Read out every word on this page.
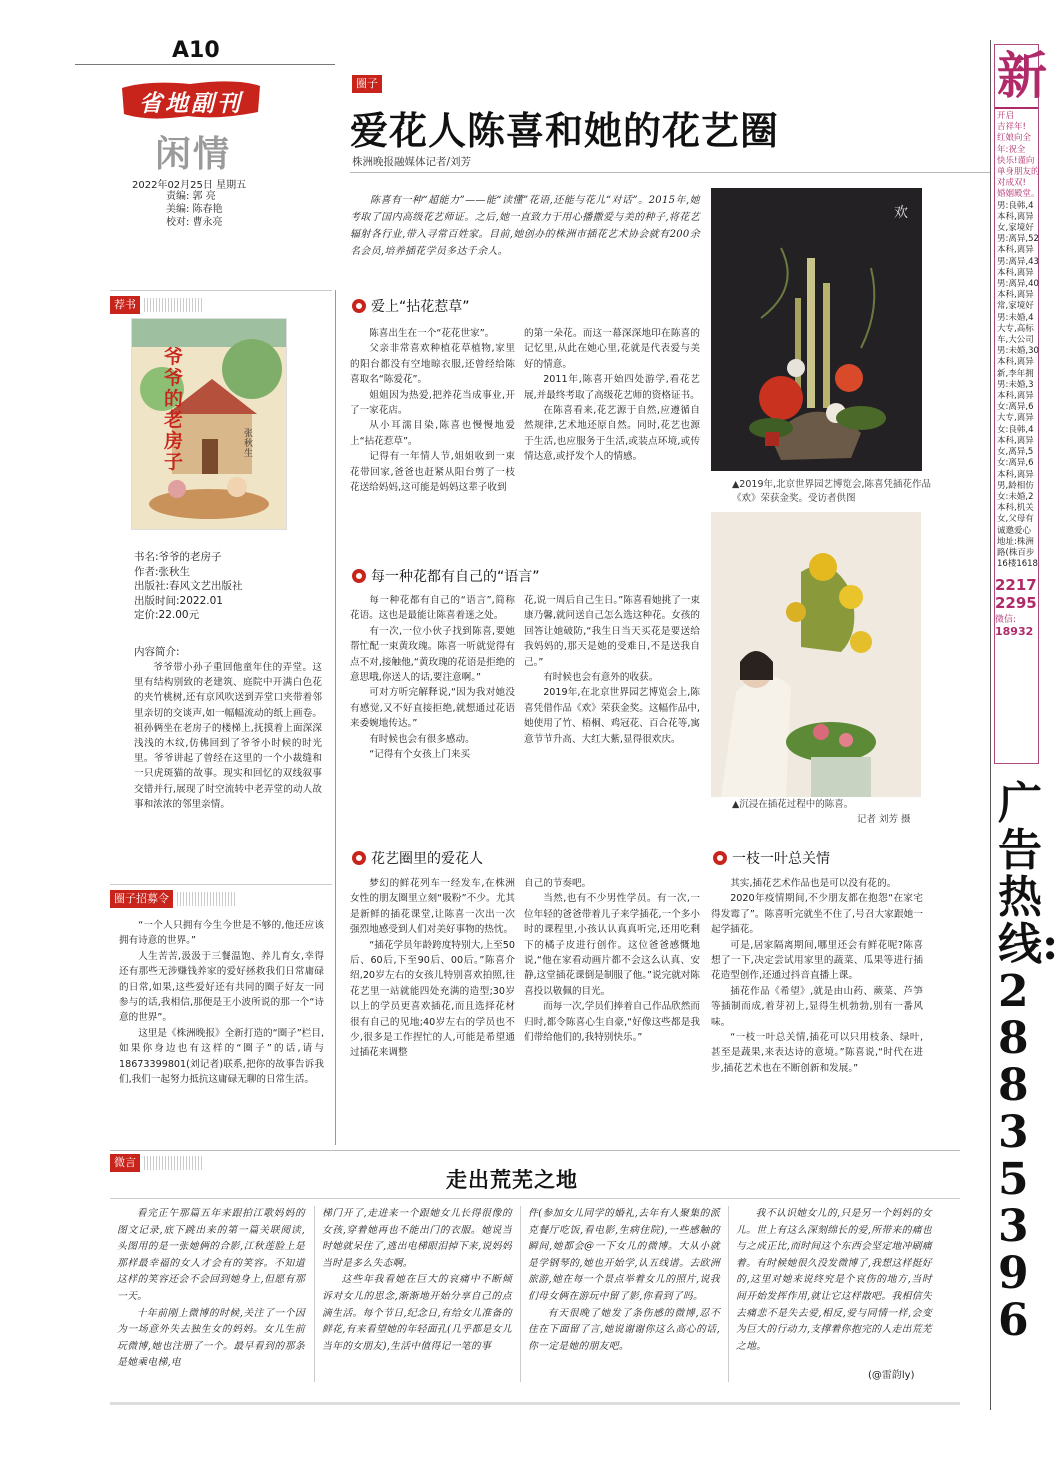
A10
省地副刊
闲情
2022年02月25日 星期五
责编: 郭 亮
美编: 陈春艳
校对: 曹永亮
圈子
爱花人陈喜和她的花艺圈
株洲晚报融媒体记者/刘芳
陈喜有一种“超能力”——能“读懂”花语,还能与花儿“对话”。2015年,她考取了国内高级花艺师证。之后,她一直致力于用心播撒爱与美的种子,将花艺辐射各行业,带入寻常百姓家。目前,她创办的株洲市插花艺术协会就有200余名会员,培养插花学员多达千余人。
欢
▲2019年,北京世界园艺博览会,陈喜凭插花作品《欢》荣获金奖。受访者供图
▲沉浸在插花过程中的陈喜。
记者 刘芳 摄
爱上“拈花惹草”

陈喜出生在一个“花花世家”。

父亲非常喜欢种植花草植物,家里的阳台都没有空地晾衣服,还曾经给陈喜取名“陈爱花”。

姐姐因为热爱,把养花当成事业,开了一家花店。

从小耳濡目染,陈喜也慢慢地爱上“拈花惹草”。

记得有一年情人节,姐姐收到一束花带回家,爸爸也赶紧从阳台剪了一枝花送给妈妈,这可能是妈妈这辈子收到

的第一朵花。而这一幕深深地印在陈喜的记忆里,从此在她心里,花就是代表爱与美好的情意。

2011年,陈喜开始四处游学,看花艺展,并最终考取了高级花艺师的资格证书。

在陈喜看来,花艺源于自然,应遵循自然规律,艺术地还原自然。同时,花艺也源于生活,也应服务于生活,或装点环境,或传情达意,或抒发个人的情感。

每一种花都有自己的“语言”

每一种花都有自己的“语言”,简称花语。这也是最能让陈喜着迷之处。

有一次,一位小伙子找到陈喜,要她帮忙配一束黄玫瑰。陈喜一听就觉得有点不对,接触他,“黄玫瑰的花语是拒绝的意思哦,你送人的话,要注意啊。”

可对方听完解释说,“因为我对她没有感觉,又不好直接拒绝,就想通过花语来委婉地传达。”

有时候也会有很多感动。

“记得有个女孩上门来买

花,说一周后自己生日。”陈喜看她挑了一束康乃馨,就问送自己怎么选这种花。女孩的回答让她破防,“我生日当天买花是要送给我妈妈的,那天是她的受难日,不是送我自己。”

有时候也会有意外的收获。

2019年,在北京世界园艺博览会上,陈喜凭借作品《欢》荣获金奖。这幅作品中,她使用了竹、梧桐、鸡冠花、百合花等,寓意节节升高、大红大紫,显得很欢庆。

花艺圈里的爱花人

梦幻的鲜花列车一经发车,在株洲女性的朋友圈里立刻“吸粉”不少。尤其是新鲜的插花课堂,让陈喜一次出一次强烈地感受到人们对美好事物的热忱。

“插花学员年龄跨度特别大,上至50后、60后,下至90后、00后。”陈喜介绍,20岁左右的女孩儿特别喜欢拍照,往花艺里一站就能四处充满的造型;30岁以上的学员更喜欢插花,而且选择花材很有自己的见地;40岁左右的学员也不少,很多是工作捏忙的人,可能是希望通过插花来调整

自己的节奏吧。

当然,也有不少男性学员。有一次,一位年轻的爸爸带着儿子来学插花,一个多小时的课程里,小孩认认真真听完,还用吃剩下的橘子皮进行创作。这位爸爸感慨地说,“他在家看动画片都不会这么认真、安静,这堂插花课倒是制服了他。”说完就对陈喜投以敬佩的目光。

而每一次,学员们捧着自己作品欣然而归时,都令陈喜心生自豪,“好像这些都是我们带给他们的,我特别快乐。”

一枝一叶总关情

其实,插花艺术作品也是可以没有花的。

2020年疫情期间,不少朋友都在抱怨“在家宅得发霉了”。陈喜听完就坐不住了,号召大家跟她一起学插花。

可是,居家隔离期间,哪里还会有鲜花呢?陈喜想了一下,决定尝试用家里的蔬菜、瓜果等进行插花造型创作,还通过抖音直播上课。

插花作品《希望》,就是由山药、蕨菜、芦笋等插制而成,着芽初上,显得生机勃勃,别有一番风味。

“一枝一叶总关情,插花可以只用枝条、绿叶,甚至是蔬果,来表达诗的意境。”陈喜说,“时代在进步,插花艺术也在不断创新和发展。”

荐书
爷爷的老房子
张秋生
书名:爷爷的老房子
作者:张秋生
出版社:春风文艺出版社
出版时间:2022.01
定价:22.00元
内容简介:
爷爷带小孙子重回他童年住的弄堂。这里有结构别致的老建筑、庭院中开满白色花的夹竹桃树,还有京风吹送到弄堂口夹带着邻里亲切的交谈声,如一幅幅流动的纸上画卷。祖孙俩坐在老房子的楼梯上,抚摸着上面深深浅浅的木纹,仿佛回到了爷爷小时候的时光里。爷爷讲起了曾经在这里的一个小裁缝和一只虎斑猫的故事。现实和回忆的双线叙事交错并行,展现了时空流转中老弄堂的动人故事和浓浓的邻里亲情。
圈子招募令

“一个人只拥有今生今世是不够的,他还应该拥有诗意的世界。”

人生苦苦,汲汲于三餐温饱、养儿育女,幸得还有那些无涉赚钱养家的爱好拯救我们日常庸碌的日常,如果,这些爱好还有共同的圈子好友一同参与的话,我相信,那便是王小波所说的那一个“诗意的世界”。

这里是《株洲晚报》全新打造的“圈子”栏目,如果你身边也有这样的“圈子”的话,请与18673399801(刘记者)联系,把你的故事告诉我们,我们一起努力抵抗这庸碌无聊的日常生活。

微言
走出荒芜之地

看完正午那篇五年来跟拍江歌妈妈的图文记录,底下跳出来的第一篇关联阅读,头图用的是一张她俩的合影,江秋莲脸上是那样最幸福的女人才会有的笑容。不知道这样的笑容还会不会回到她身上,但愿有那一天。

十年前刚上微博的时候,关注了一个因为一场意外失去独生女的妈妈。女儿生前玩微博,她也注册了一个。最早看到的那条是她乘电梯,电

梯门开了,走进来一个跟她女儿长得很像的女孩,穿着她再也不能出门的衣服。她说当时她就呆住了,逃出电梯眼泪掉下来,说妈妈当时是多么失态啊。

这些年我看她在巨大的哀痛中不断倾诉对女儿的思念,渐渐地开始分享自己的点滴生活。每个节日,纪念日,有给女儿准备的鲜花,有来看望她的年轻面孔(几乎都是女儿当年的女朋友),生活中值得记一笔的事

件(参加女儿同学的婚礼,去年有人聚集的派克餐厅吃饭,看电影,生病住院),一些感触的瞬间,她都会@一下女儿的微博。大从小就是学钢琴的,她也开始学,认五线谱。去欧洲旅游,她在每一个景点举着女儿的照片,说我们母女俩在游玩中留了影,你看到了吗。

有天很晚了她发了条伤感的微博,忍不住在下面留了言,她说谢谢你这么高心的话,你一定是她的朋友吧。

我不认识她女儿的,只是另一个妈妈的女儿。世上有这么深刻绵长的爱,所带来的痛也与之成正比,而时间这个东西会坚定地冲刷痛着。有时候她很久没发微博了,我想这样挺好的,这里对她来说终究是个哀伤的地方,当时间开始发挥作用,就让它这样散吧。我相信失去痛悲不是失去爱,相反,爱与同情一样,会变为巨大的行动力,支撑着你抱完的人走出荒芜之地。

(@雷韵ly)
新
开启
吉祥年!
红娘向全
年:祝全
快乐!谨向
单身朋友的
对成双!
婚姻殿堂。
男:良韩,4
本科,离异
女,家境好
男:离异,52
本科,离异
男:离异,43
本科,离异
男:离异,40
本科,离异
常,家境好
男:未婚,4
大专,高标
车,大公司
男:未婚,30
本科,离异
新,李年拥
男:未婚,3
本科,离异
女:离异,6
大专,离异
女:良韩,4
本科,离异
女,离异,5
女:离异,6
本科,离异
男,龄相仿
女:未婚,2
本科,机关
女,父母有
诚邀爱心
地址:株洲
路(株百步
16楼1618
2217
2295
微信:
18932
广告热线:28835396
